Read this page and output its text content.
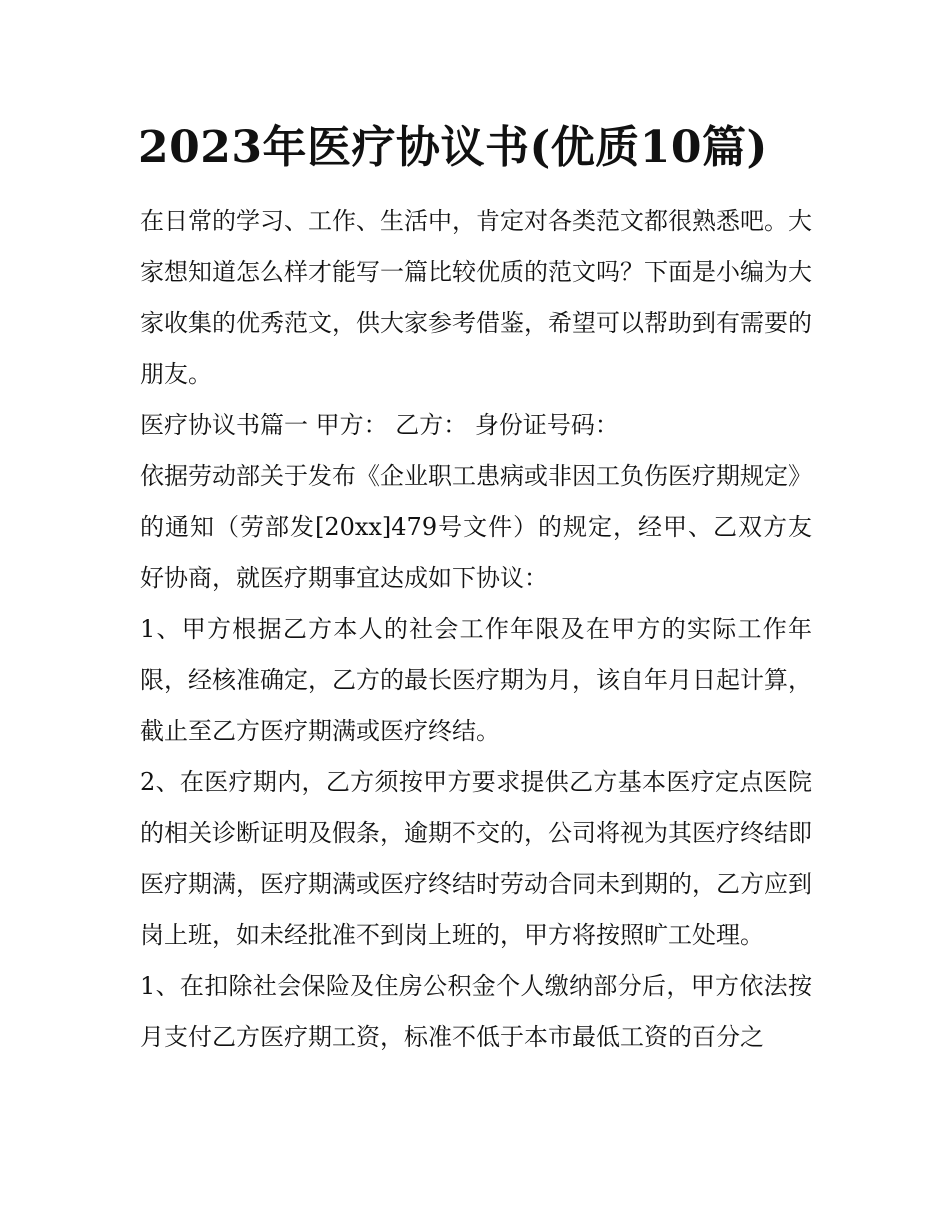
2023年医疗协议书(优质10篇)

在日常的学习、工作、生活中，肯定对各类范文都很熟悉吧。大家想知道怎么样才能写一篇比较优质的范文吗？下面是小编为大家收集的优秀范文，供大家参考借鉴，希望可以帮助到有需要的朋友。

医疗协议书篇一 甲方： 乙方： 身份证号码：

依据劳动部关于发布《企业职工患病或非因工负伤医疗期规定》的通知（劳部发[20xx]479号文件）的规定，经甲、乙双方友好协商，就医疗期事宜达成如下协议：

1、甲方根据乙方本人的社会工作年限及在甲方的实际工作年限，经核准确定，乙方的最长医疗期为月，该自年月日起计算，截止至乙方医疗期满或医疗终结。

2、在医疗期内，乙方须按甲方要求提供乙方基本医疗定点医院的相关诊断证明及假条，逾期不交的，公司将视为其医疗终结即医疗期满，医疗期满或医疗终结时劳动合同未到期的，乙方应到岗上班，如未经批准不到岗上班的，甲方将按照旷工处理。

1、在扣除社会保险及住房公积金个人缴纳部分后，甲方依法按月支付乙方医疗期工资，标准不低于本市最低工资的百分之
